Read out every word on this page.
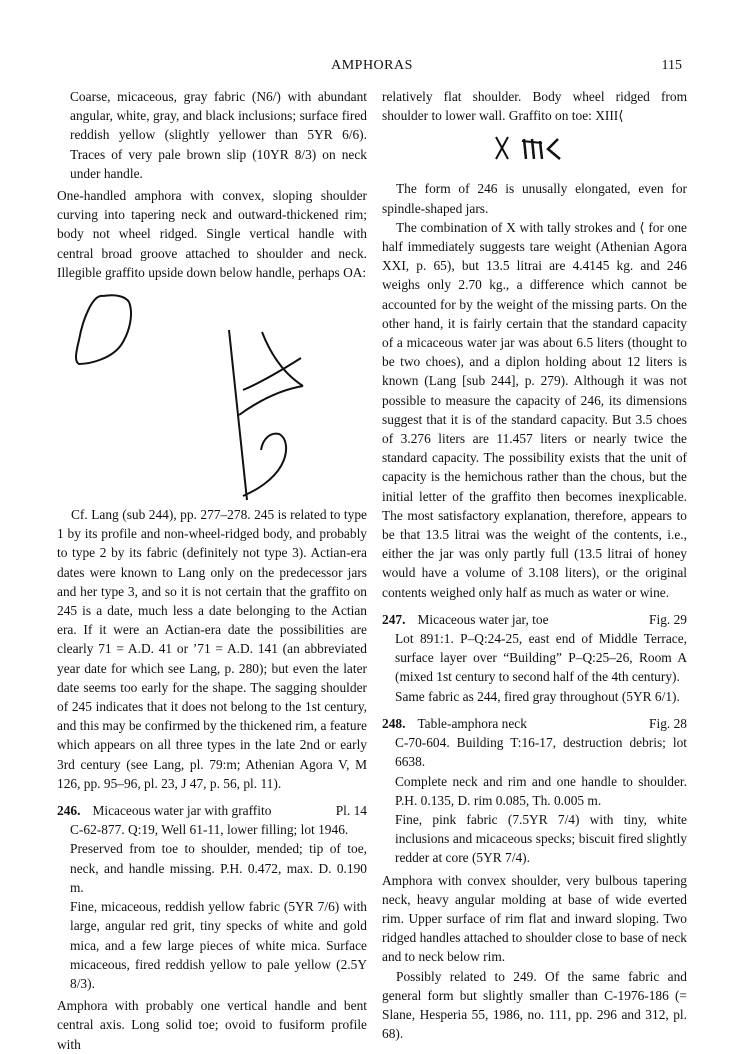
AMPHORAS	115

Coarse, micaceous, gray fabric (N6/) with abundant angular, white, gray, and black inclusions; surface fired reddish yellow (slightly yellower than 5YR 6/6). Traces of very pale brown slip (10YR 8/3) on neck under handle.

One-handled amphora with convex, sloping shoulder curving into tapering neck and outward-thickened rim; body not wheel ridged. Single vertical handle with central broad groove attached to shoulder and neck. Illegible graffito upside down below handle, perhaps OA:

Cf. Lang (sub 244), pp. 277–278. 245 is related to type 1 by its profile and non-wheel-ridged body, and probably to type 2 by its fabric (definitely not type 3). Actian-era dates were known to Lang only on the predecessor jars and her type 3, and so it is not certain that the graffito on 245 is a date, much less a date belonging to the Actian era. If it were an Actian-era date the possibilities are clearly 71 = A.D. 41 or ’71 = A.D. 141 (an abbreviated year date for which see Lang, p. 280); but even the later date seems too early for the shape. The sagging shoulder of 245 indicates that it does not belong to the 1st century, and this may be confirmed by the thickened rim, a feature which appears on all three types in the late 2nd or early 3rd century (see Lang, pl. 79:m; Athenian Agora V, M 126, pp. 95–96, pl. 23, J 47, p. 56, pl. 11).

246. Micaceous water jar with graffito	Pl. 14

C-62-877. Q:19, Well 61-11, lower filling; lot 1946.

Preserved from toe to shoulder, mended; tip of toe, neck, and handle missing. P.H. 0.472, max. D. 0.190 m.

Fine, micaceous, reddish yellow fabric (5YR 7/6) with large, angular red grit, tiny specks of white and gold mica, and a few large pieces of white mica. Surface micaceous, fired reddish yellow to pale yellow (2.5Y 8/3).

Amphora with probably one vertical handle and bent central axis. Long solid toe; ovoid to fusiform profile with

relatively flat shoulder. Body wheel ridged from shoulder to lower wall. Graffito on toe: XIII⟨

The form of 246 is unusally elongated, even for spindle-shaped jars.

The combination of X with tally strokes and ⟨ for one half immediately suggests tare weight (Athenian Agora XXI, p. 65), but 13.5 litrai are 4.4145 kg. and 246 weighs only 2.70 kg., a difference which cannot be accounted for by the weight of the missing parts. On the other hand, it is fairly certain that the standard capacity of a micaceous water jar was about 6.5 liters (thought to be two choes), and a diplon holding about 12 liters is known (Lang [sub 244], p. 279). Although it was not possible to measure the capacity of 246, its dimensions suggest that it is of the standard capacity. But 3.5 choes of 3.276 liters are 11.457 liters or nearly twice the standard capacity. The possibility exists that the unit of capacity is the hemichous rather than the chous, but the initial letter of the graffito then becomes inexplicable. The most satisfactory explanation, therefore, appears to be that 13.5 litrai was the weight of the contents, i.e., either the jar was only partly full (13.5 litrai of honey would have a volume of 3.108 liters), or the original contents weighed only half as much as water or wine.

247. Micaceous water jar, toe	Fig. 29

Lot 891:1. P–Q:24-25, east end of Middle Terrace, surface layer over “Building” P–Q:25–26, Room A (mixed 1st century to second half of the 4th century).

Same fabric as 244, fired gray throughout (5YR 6/1).

248. Table-amphora neck	Fig. 28

C-70-604. Building T:16-17, destruction debris; lot 6638.

Complete neck and rim and one handle to shoulder. P.H. 0.135, D. rim 0.085, Th. 0.005 m.

Fine, pink fabric (7.5YR 7/4) with tiny, white inclusions and micaceous specks; biscuit fired slightly redder at core (5YR 7/4).

Amphora with convex shoulder, very bulbous tapering neck, heavy angular molding at base of wide everted rim. Upper surface of rim flat and inward sloping. Two ridged handles attached to shoulder close to base of neck and to neck below rim.

Possibly related to 249. Of the same fabric and general form but slightly smaller than C-1976-186 (= Slane, Hesperia 55, 1986, no. 111, pp. 296 and 312, pl. 68).
